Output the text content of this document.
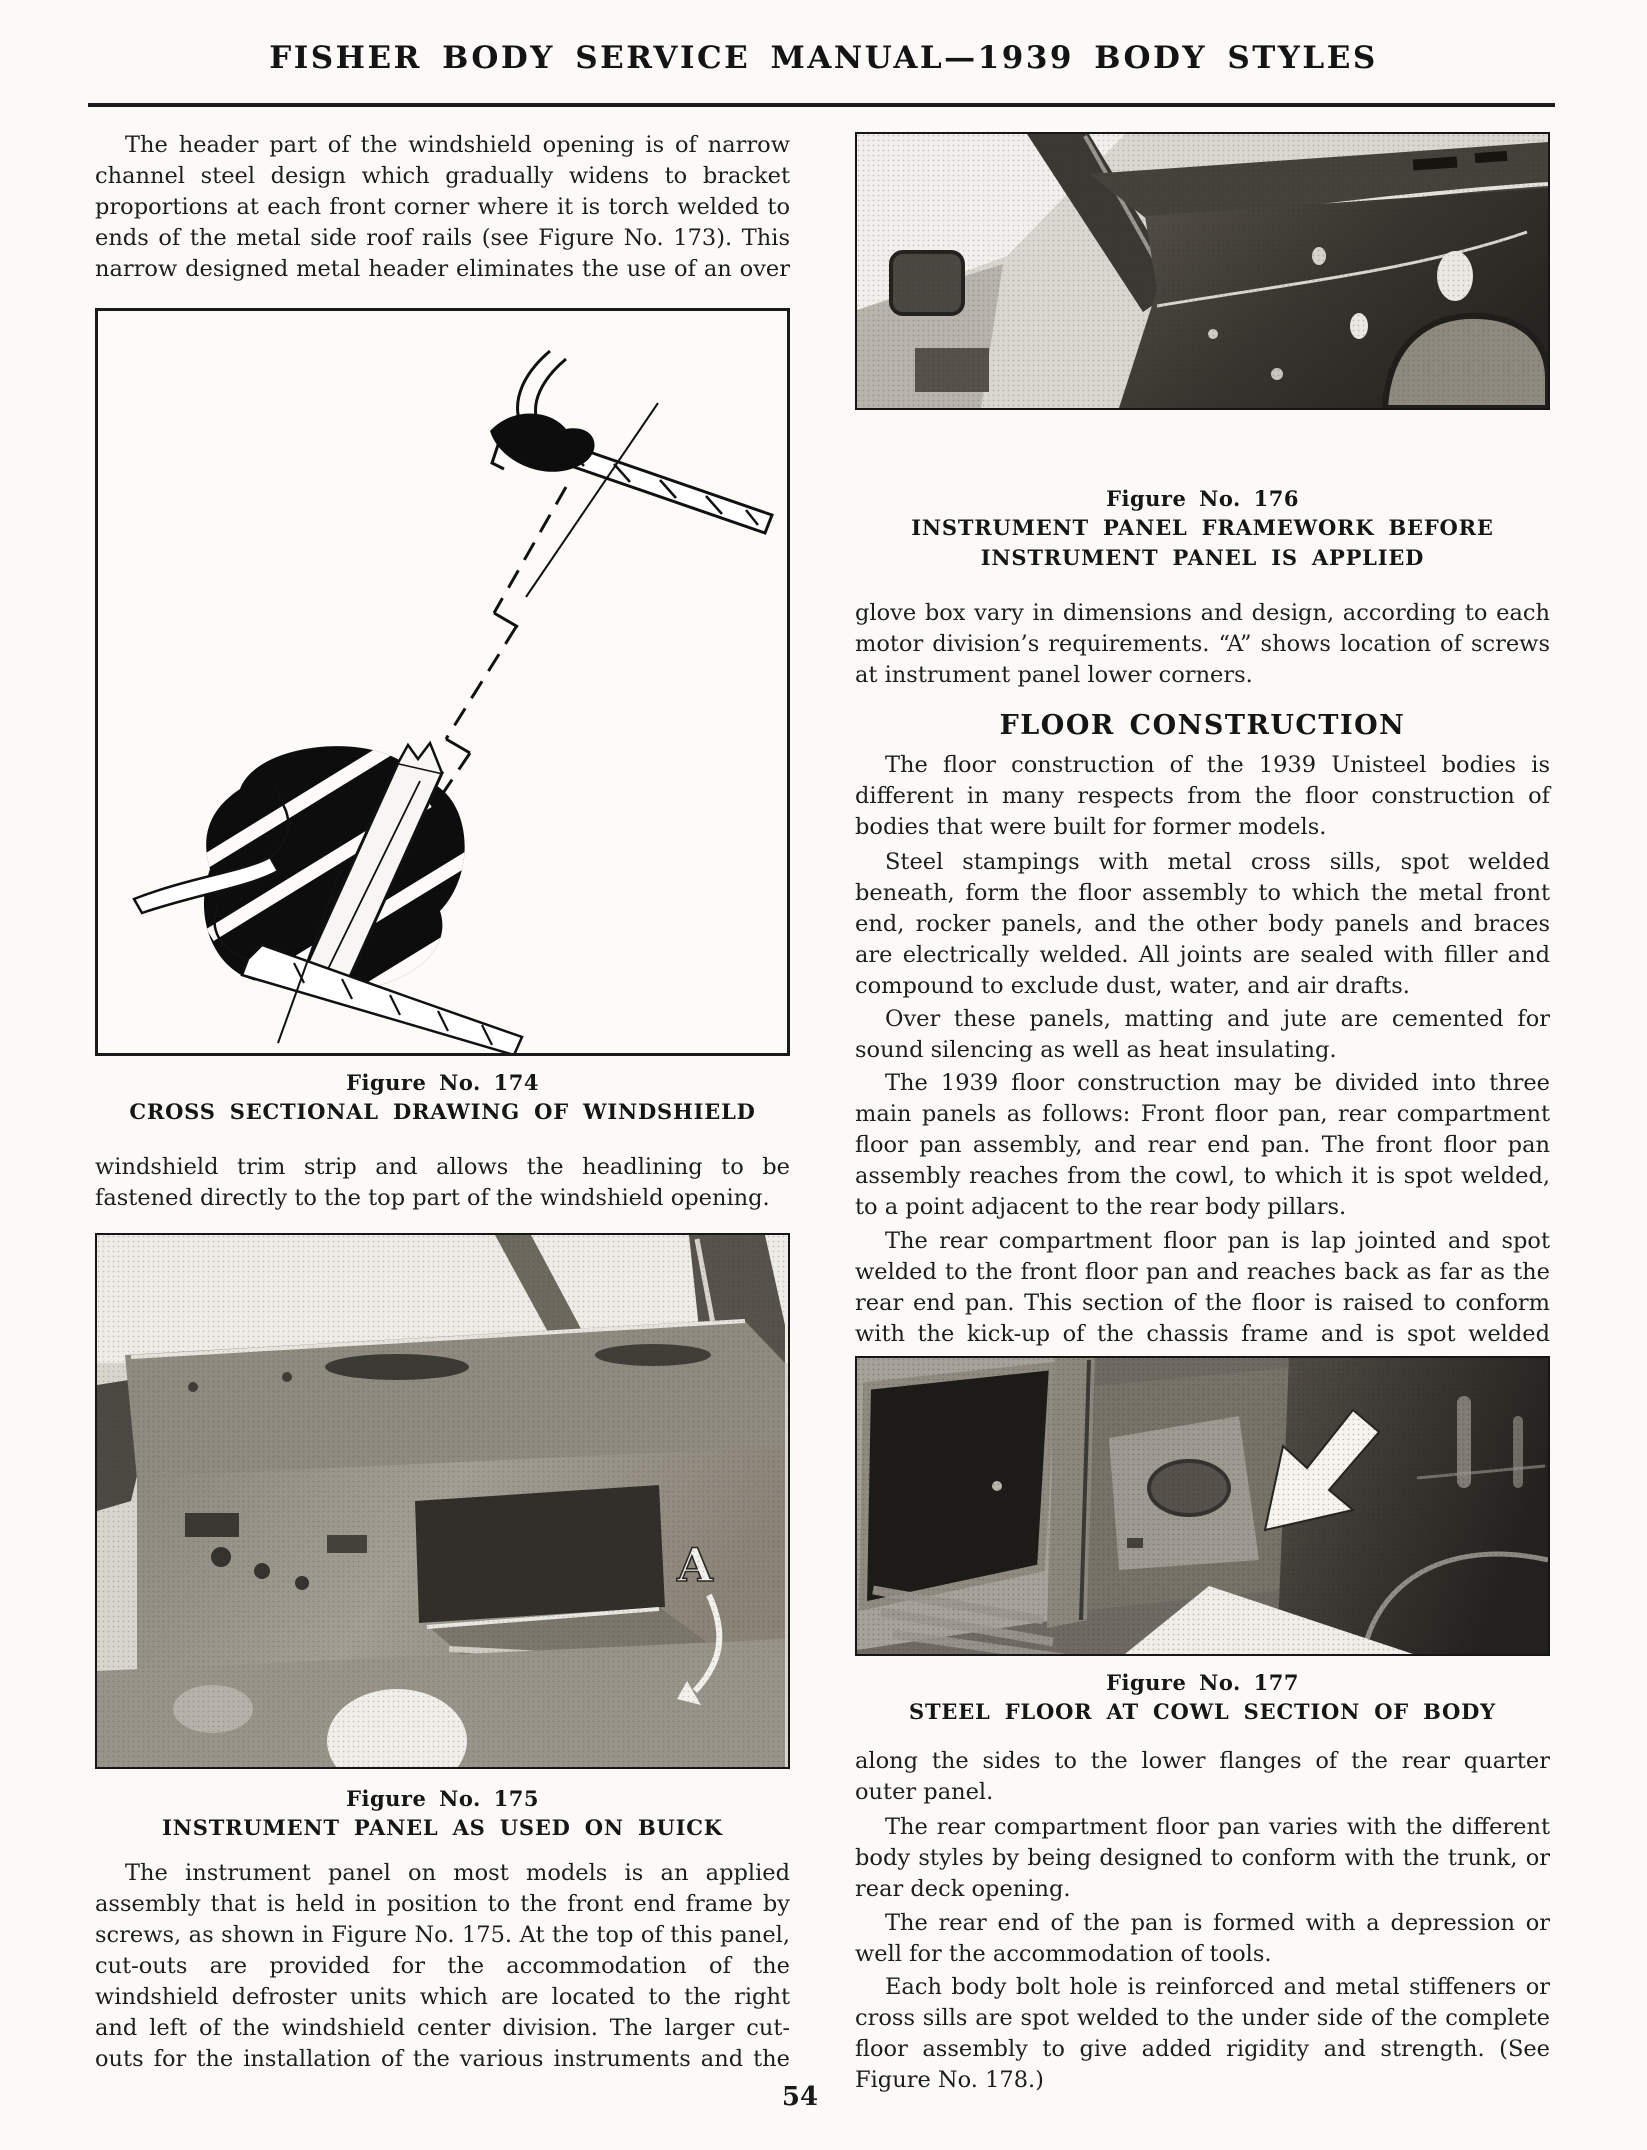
FISHER BODY SERVICE MANUAL—1939 BODY STYLES

The header part of the windshield opening is of narrow channel steel design which gradually widens to bracket proportions at each front corner where it is torch welded to ends of the metal side roof rails (see Figure No. 173). This narrow designed metal header eliminates the use of an over

Figure No. 174
CROSS SECTIONAL DRAWING OF WINDSHIELD

windshield trim strip and allows the headlining to be fastened directly to the top part of the windshield opening.

Figure No. 175
INSTRUMENT PANEL AS USED ON BUICK

The instrument panel on most models is an applied assembly that is held in position to the front end frame by screws, as shown in Figure No. 175. At the top of this panel, cut-outs are provided for the accommodation of the windshield defroster units which are located to the right and left of the windshield center division. The larger cut-outs for the installation of the various instruments and the

Figure No. 176
INSTRUMENT PANEL FRAMEWORK BEFORE INSTRUMENT PANEL IS APPLIED

glove box vary in dimensions and design, according to each motor division’s requirements. “A” shows location of screws at instrument panel lower corners.

FLOOR CONSTRUCTION

The floor construction of the 1939 Unisteel bodies is different in many respects from the floor construction of bodies that were built for former models.

Steel stampings with metal cross sills, spot welded beneath, form the floor assembly to which the metal front end, rocker panels, and the other body panels and braces are electrically welded. All joints are sealed with filler and compound to exclude dust, water, and air drafts.

Over these panels, matting and jute are cemented for sound silencing as well as heat insulating.

The 1939 floor construction may be divided into three main panels as follows: Front floor pan, rear compartment floor pan assembly, and rear end pan. The front floor pan assembly reaches from the cowl, to which it is spot welded, to a point adjacent to the rear body pillars.

The rear compartment floor pan is lap jointed and spot welded to the front floor pan and reaches back as far as the rear end pan. This section of the floor is raised to conform with the kick-up of the chassis frame and is spot welded

Figure No. 177
STEEL FLOOR AT COWL SECTION OF BODY

along the sides to the lower flanges of the rear quarter outer panel.

The rear compartment floor pan varies with the different body styles by being designed to conform with the trunk, or rear deck opening.

The rear end of the pan is formed with a depression or well for the accommodation of tools.

Each body bolt hole is reinforced and metal stiffeners or cross sills are spot welded to the under side of the complete floor assembly to give added rigidity and strength. (See Figure No. 178.)

54
